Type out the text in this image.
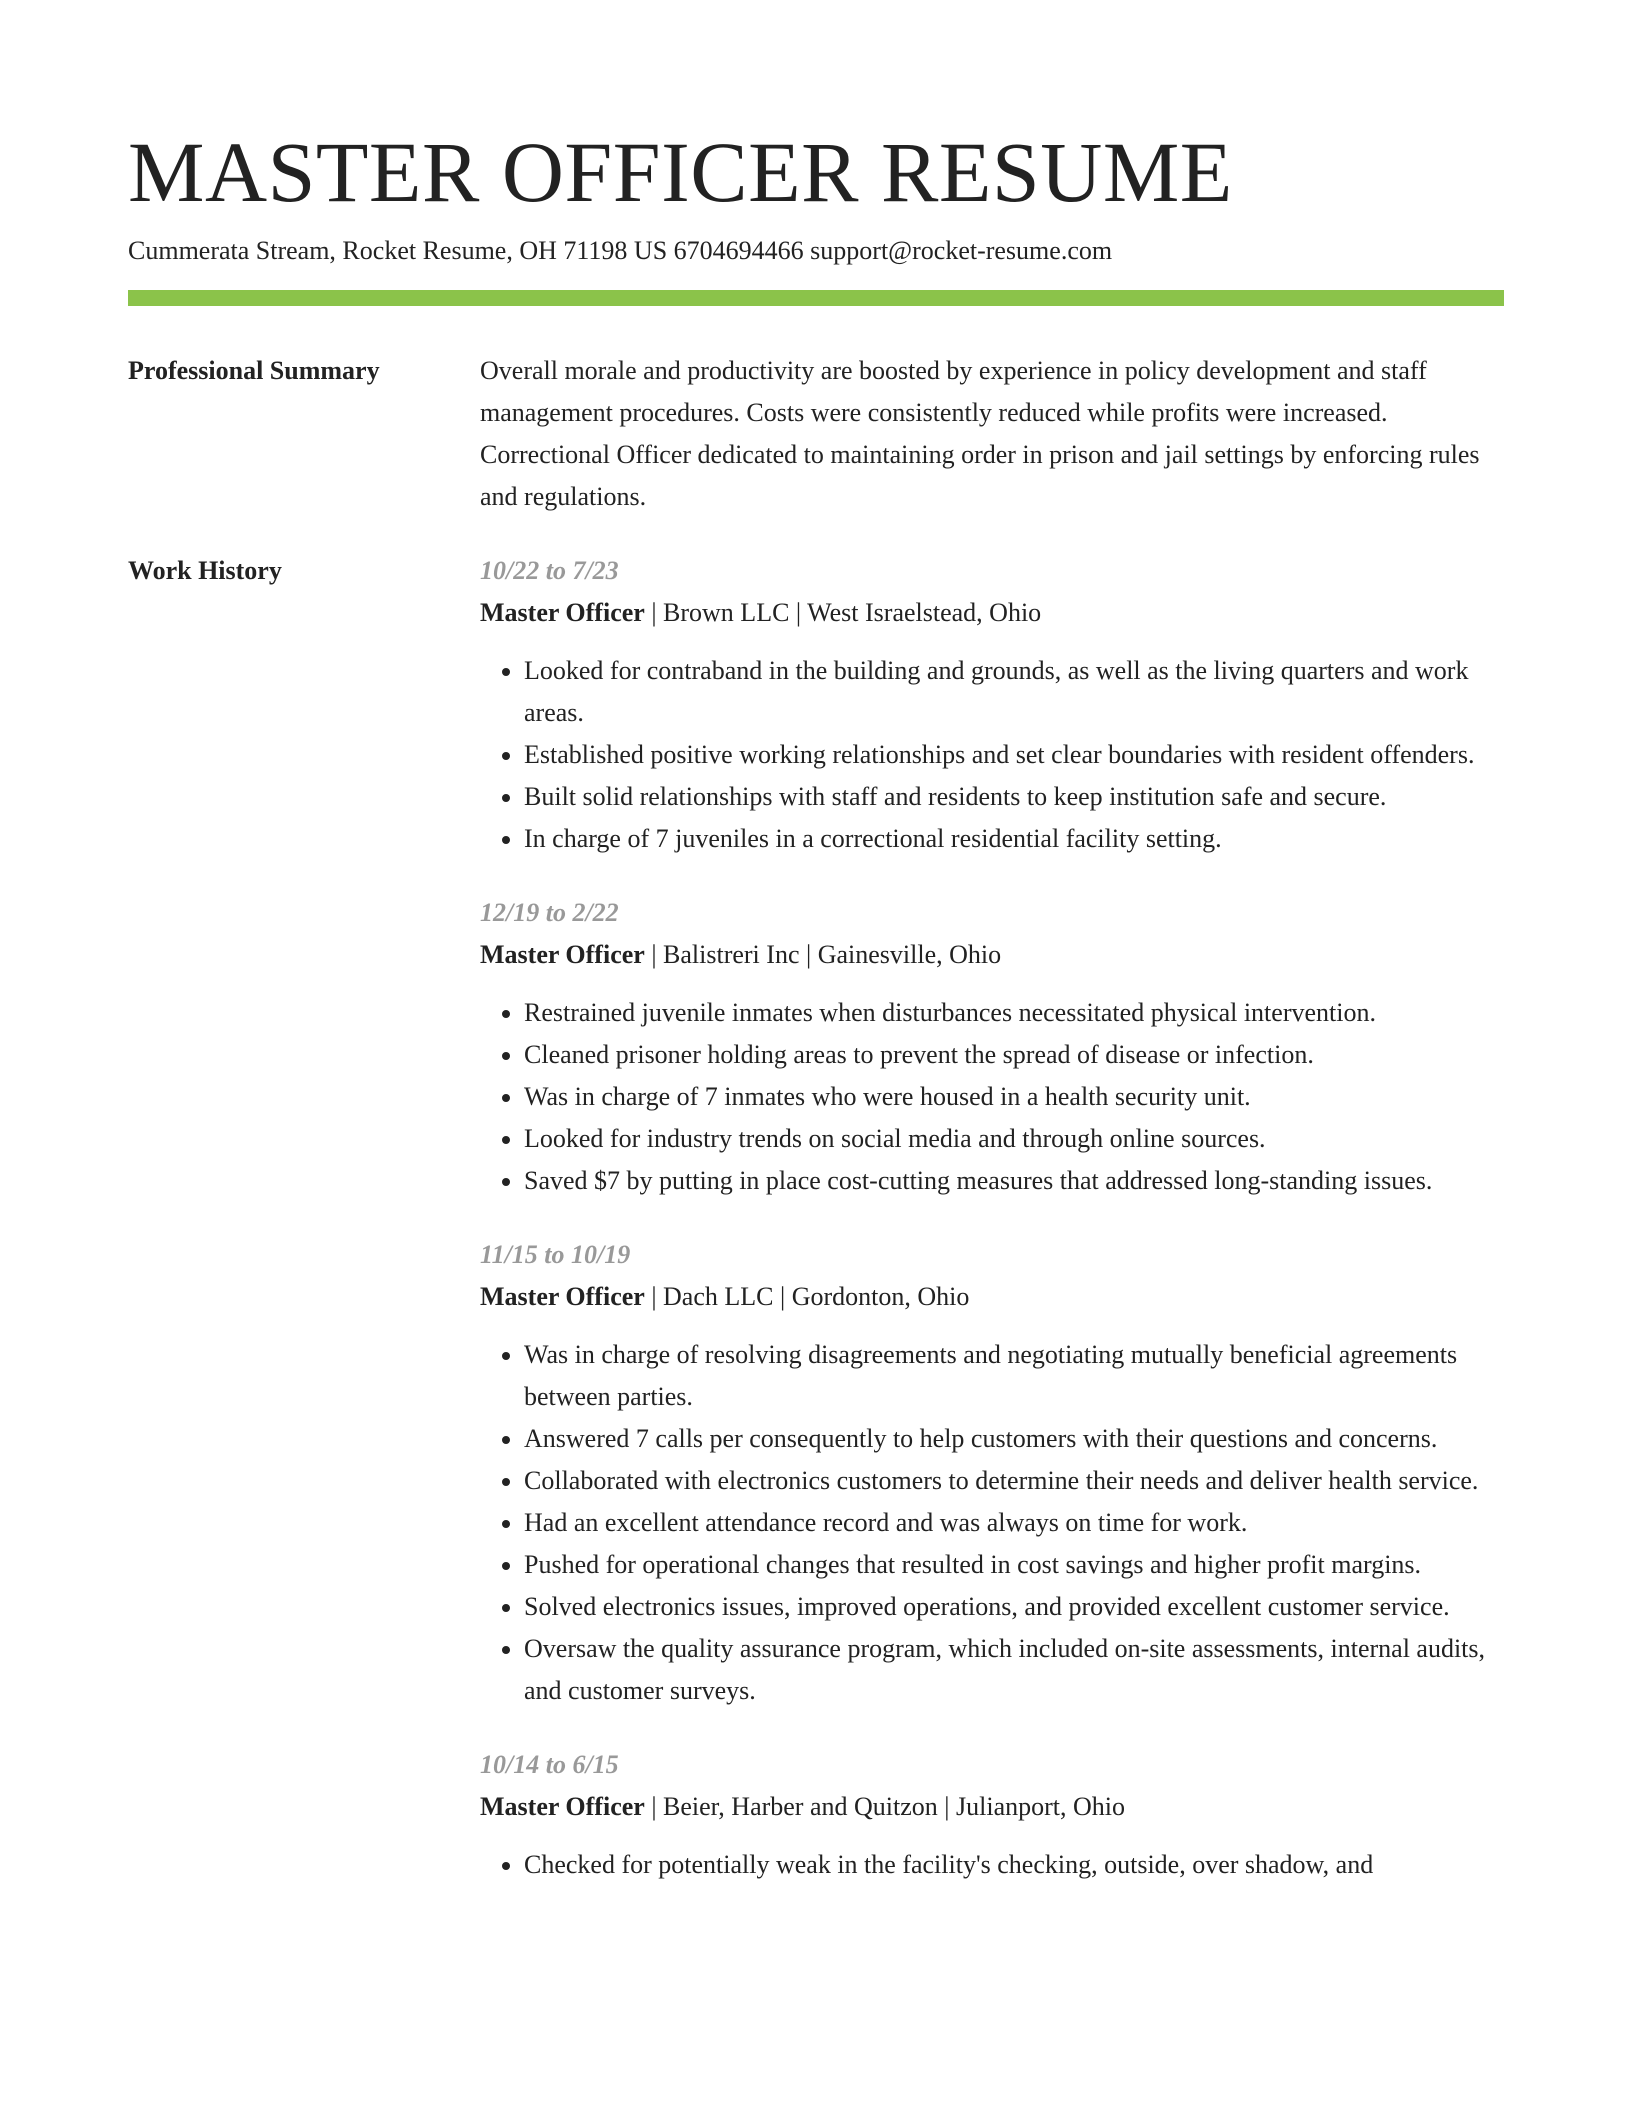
MASTER OFFICER RESUME
Cummerata Stream, Rocket Resume, OH 71198 US 6704694466 support@rocket-resume.com
Professional Summary	Overall morale and productivity are boosted by experience in policy development and staff management procedures. Costs were consistently reduced while profits were increased. Correctional Officer dedicated to maintaining order in prison and jail settings by enforcing rules and regulations.
Work History	10/22 to 7/23
Master Officer | Brown LLC | West Israelstead, Ohio
• Looked for contraband in the building and grounds, as well as the living quarters and work areas.
• Established positive working relationships and set clear boundaries with resident offenders.
• Built solid relationships with staff and residents to keep institution safe and secure.
• In charge of 7 juveniles in a correctional residential facility setting.
12/19 to 2/22
Master Officer | Balistreri Inc | Gainesville, Ohio
• Restrained juvenile inmates when disturbances necessitated physical intervention.
• Cleaned prisoner holding areas to prevent the spread of disease or infection.
• Was in charge of 7 inmates who were housed in a health security unit.
• Looked for industry trends on social media and through online sources.
• Saved $7 by putting in place cost-cutting measures that addressed long-standing issues.
11/15 to 10/19
Master Officer | Dach LLC | Gordonton, Ohio
• Was in charge of resolving disagreements and negotiating mutually beneficial agreements between parties.
• Answered 7 calls per consequently to help customers with their questions and concerns.
• Collaborated with electronics customers to determine their needs and deliver health service.
• Had an excellent attendance record and was always on time for work.
• Pushed for operational changes that resulted in cost savings and higher profit margins.
• Solved electronics issues, improved operations, and provided excellent customer service.
• Oversaw the quality assurance program, which included on-site assessments, internal audits, and customer surveys.
10/14 to 6/15
Master Officer | Beier, Harber and Quitzon | Julianport, Ohio
• Checked for potentially weak in the facility's checking, outside, over shadow, and
